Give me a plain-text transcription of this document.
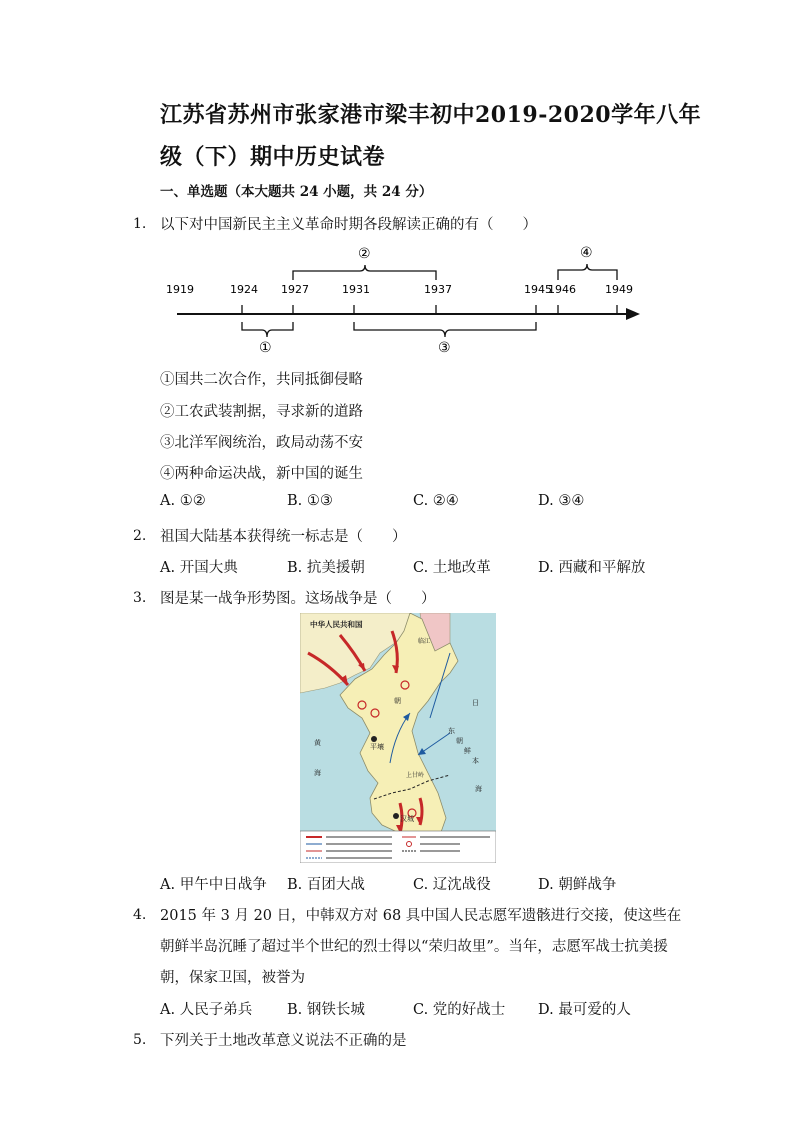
江苏省苏州市张家港市梁丰初中2019-2020学年八年
级（下）期中历史试卷
一、单选题（本大题共 24 小题，共 24 分）
1. 以下对中国新民主主义革命时期各段解读正确的有（　　）
1919	1924 1927	1931	1937	1945
1946	1949
②	④
①	③
①国共二次合作，共同抵御侵略
②工农武装割据，寻求新的道路
③北洋军阀统治，政局动荡不安
④两种命运决战，新中国的诞生
A. ①②	B. ①③	C. ②④	D. ③④
2. 祖国大陆基本获得统一标志是（　　）
A. 开国大典	B. 抗美援朝	C. 土地改革	D. 西藏和平解放
3. 图是某一战争形势图。这场战争是（　　）
中华人民共和国
平壤
汉城
朝	日
东
朝
鲜
本
海
黄
海
临江
上甘岭
A. 甲午中日战争 B. 百团大战	C. 辽沈战役	D. 朝鲜战争
4. 2015 年 3 月 20 日，中韩双方对 68 具中国人民志愿军遗骸进行交接，使这些在
朝鲜半岛沉睡了超过半个世纪的烈士得以“荣归故里”。当年，志愿军战士抗美援
朝，保家卫国，被誉为
A. 人民子弟兵 B. 钢铁长城	C. 党的好战士 D. 最可爱的人
5. 下列关于土地改革意义说法不正确的是
